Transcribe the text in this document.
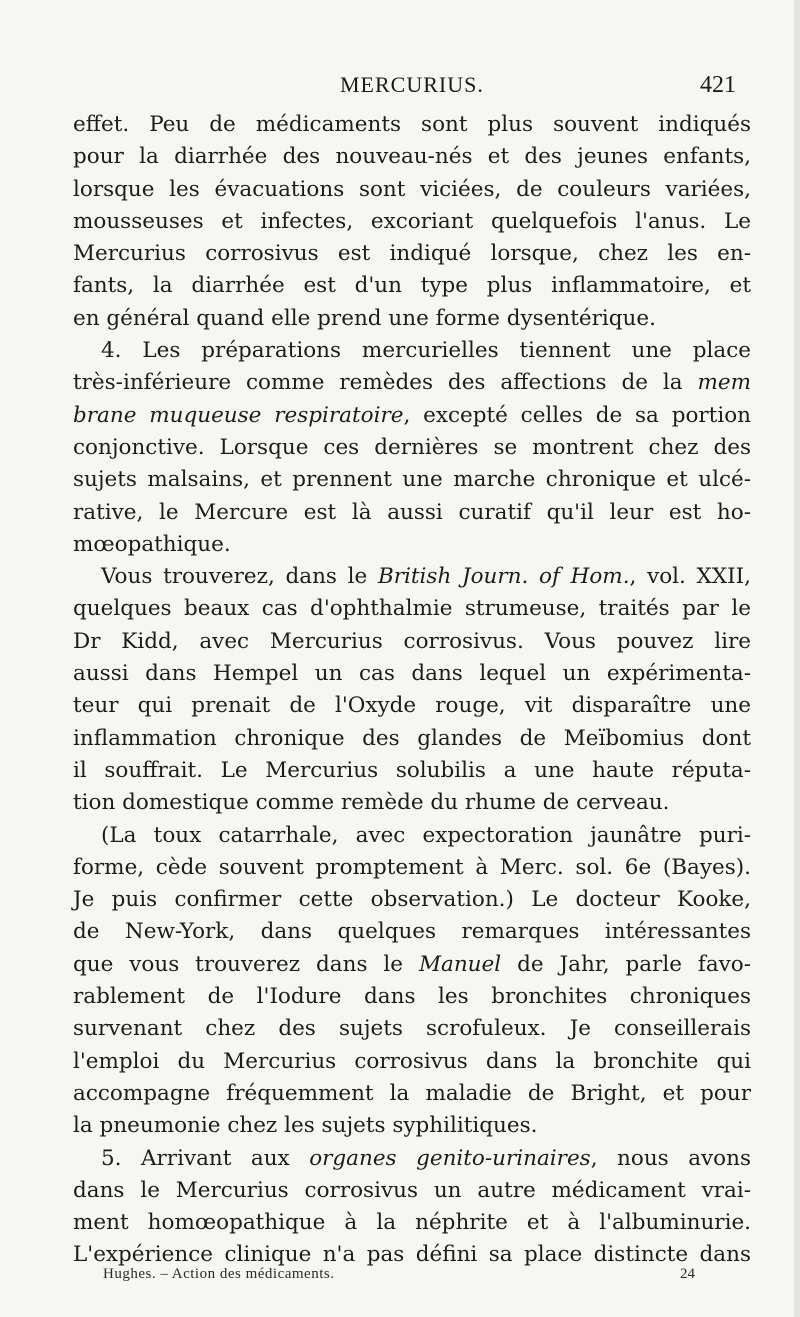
MERCURIUS.	421
effet. Peu de médicaments sont plus souvent indiqués
pour la diarrhée des nouveau-nés et des jeunes enfants,
lorsque les évacuations sont viciées, de couleurs variées,
mousseuses et infectes, excoriant quelquefois l'anus. Le
Mercurius corrosivus est indiqué lorsque, chez les en-
fants, la diarrhée est d'un type plus inflammatoire, et
en général quand elle prend une forme dysentérique.
4. Les préparations mercurielles tiennent une place
très-inférieure comme remèdes des affections de la mem
brane muqueuse respiratoire, excepté celles de sa portion
conjonctive. Lorsque ces dernières se montrent chez des
sujets malsains, et prennent une marche chronique et ulcé-
rative, le Mercure est là aussi curatif qu'il leur est ho-
mœopathique.
Vous trouverez, dans le British Journ. of Hom., vol. XXII,
quelques beaux cas d'ophthalmie strumeuse, traités par le
Dr Kidd, avec Mercurius corrosivus. Vous pouvez lire
aussi dans Hempel un cas dans lequel un expérimenta-
teur qui prenait de l'Oxyde rouge, vit disparaître une
inflammation chronique des glandes de Meïbomius dont
il souffrait. Le Mercurius solubilis a une haute réputa-
tion domestique comme remède du rhume de cerveau.
(La toux catarrhale, avec expectoration jaunâtre puri-
forme, cède souvent promptement à Merc. sol. 6e (Bayes).
Je puis confirmer cette observation.) Le docteur Kooke,
de New-York, dans quelques remarques intéressantes
que vous trouverez dans le Manuel de Jahr, parle favo-
rablement de l'Iodure dans les bronchites chroniques
survenant chez des sujets scrofuleux. Je conseillerais
l'emploi du Mercurius corrosivus dans la bronchite qui
accompagne fréquemment la maladie de Bright, et pour
la pneumonie chez les sujets syphilitiques.
5. Arrivant aux organes genito-urinaires, nous avons
dans le Mercurius corrosivus un autre médicament vrai-
ment homœopathique à la néphrite et à l'albuminurie.
L'expérience clinique n'a pas défini sa place distincte dans
Hughes. – Action des médicaments.	24
